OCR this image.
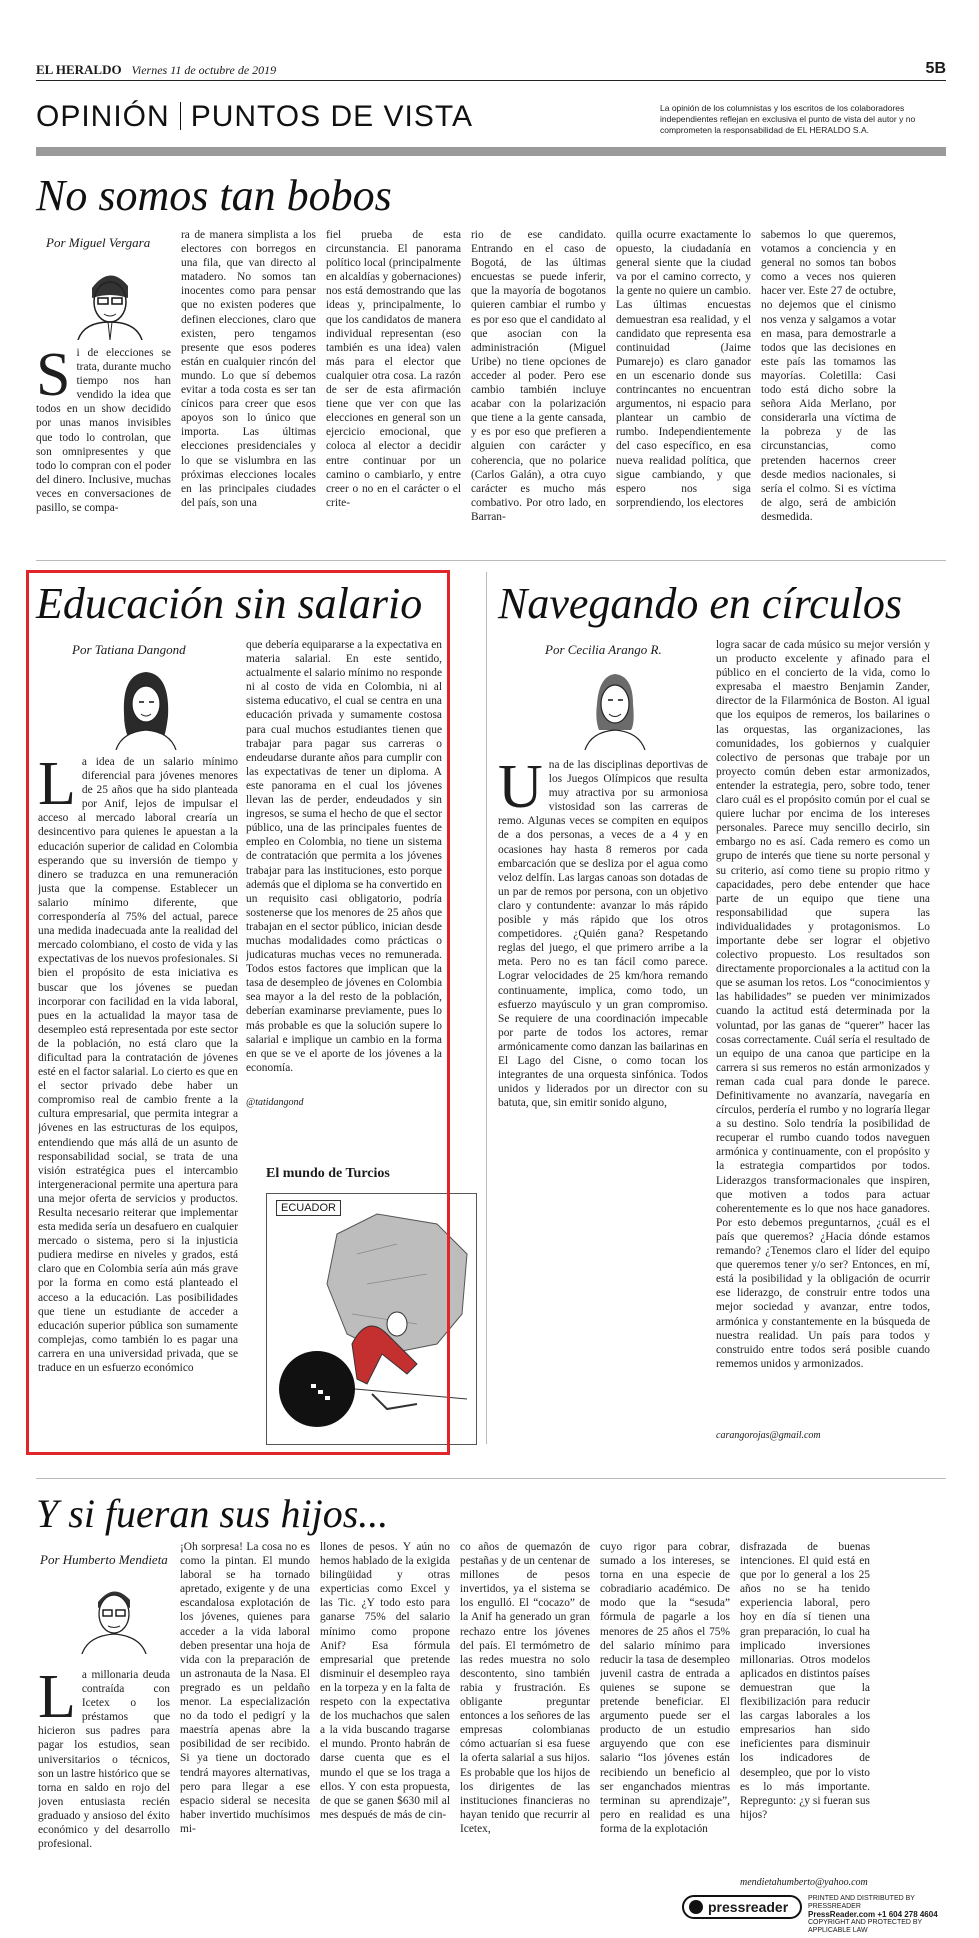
EL HERALDO Viernes 11 de octubre de 2019	5B
OPINIÓN PUNTOS DE VISTA	La opinión de los columnistas y los escritos de los colaboradores independientes reflejan en exclusiva el punto de vista del autor y no comprometen la responsabilidad de EL HERALDO S.A.
No somos tan bobos
Por Miguel Vergara
Si de elecciones se trata, durante mucho tiempo nos han vendido la idea que todos en un show decidido por unas manos invisibles que todo lo controlan, que son omnipresentes y que todo lo compran con el poder del dinero. Inclusive, muchas veces en conversaciones de pasillo, se compa-
ra de manera simplista a los electores con borregos en una fila, que van directo al matadero. No somos tan inocentes como para pensar que no existen poderes que definen elecciones, claro que existen, pero tengamos presente que esos poderes están en cualquier rincón del mundo. Lo que sí debemos evitar a toda costa es ser tan cínicos para creer que esos apoyos son lo único que importa. Las últimas elecciones presidenciales y lo que se vislumbra en las próximas elecciones locales en las principales ciudades del país, son una
fiel prueba de esta circunstancia. El panorama político local (principalmente en alcaldías y gobernaciones) nos está demostrando que las ideas y, principalmente, lo que los candidatos de manera individual representan (eso también es una idea) valen más para el elector que cualquier otra cosa. La razón de ser de esta afirmación tiene que ver con que las elecciones en general son un ejercicio emocional, que coloca al elector a decidir entre continuar por un camino o cambiarlo, y entre creer o no en el carácter o el crite-
rio de ese candidato. Entrando en el caso de Bogotá, de las últimas encuestas se puede inferir, que la mayoría de bogotanos quieren cambiar el rumbo y es por eso que el candidato al que asocian con la administración (Miguel Uribe) no tiene opciones de acceder al poder. Pero ese cambio también incluye acabar con la polarización que tiene a la gente cansada, y es por eso que prefieren a alguien con carácter y coherencia, que no polarice (Carlos Galán), a otra cuyo carácter es mucho más combativo. Por otro lado, en Barran-
quilla ocurre exactamente lo opuesto, la ciudadanía en general siente que la ciudad va por el camino correcto, y la gente no quiere un cambio. Las últimas encuestas demuestran esa realidad, y el candidato que representa esa continuidad (Jaime Pumarejo) es claro ganador en un escenario donde sus contrincantes no encuentran argumentos, ni espacio para plantear un cambio de rumbo. Independientemente del caso específico, en esa nueva realidad política, que sigue cambiando, y que espero nos siga sorprendiendo, los electores
sabemos lo que queremos, votamos a conciencia y en general no somos tan bobos como a veces nos quieren hacer ver. Este 27 de octubre, no dejemos que el cinismo nos venza y salgamos a votar en masa, para demostrarle a todos que las decisiones en este país las tomamos las mayorías. Coletilla: Casi todo está dicho sobre la señora Aida Merlano, por considerarla una víctima de la pobreza y de las circunstancias, como pretenden hacernos creer desde medios nacionales, si sería el colmo. Si es víctima de algo, será de ambición desmedida.
Educación sin salario
Por Tatiana Dangond
La idea de un salario mínimo diferencial para jóvenes menores de 25 años que ha sido planteada por Anif, lejos de impulsar el acceso al mercado laboral crearía un desincentivo para quienes le apuestan a la educación superior de calidad en Colombia esperando que su inversión de tiempo y dinero se traduzca en una remuneración justa que la compense. Establecer un salario mínimo diferente, que correspondería al 75% del actual, parece una medida inadecuada ante la realidad del mercado colombiano, el costo de vida y las expectativas de los nuevos profesionales. Si bien el propósito de esta iniciativa es buscar que los jóvenes se puedan incorporar con facilidad en la vida laboral, pues en la actualidad la mayor tasa de desempleo está representada por este sector de la población, no está claro que la dificultad para la contratación de jóvenes esté en el factor salarial. Lo cierto es que en el sector privado debe haber un compromiso real de cambio frente a la cultura empresarial, que permita integrar a jóvenes en las estructuras de los equipos, entendiendo que más allá de un asunto de responsabilidad social, se trata de una visión estratégica pues el intercambio intergeneracional permite una apertura para una mejor oferta de servicios y productos. Resulta necesario reiterar que implementar esta medida sería un desafuero en cualquier mercado o sistema, pero si la injusticia pudiera medirse en niveles y grados, está claro que en Colombia sería aún más grave por la forma en como está planteado el acceso a la educación. Las posibilidades que tiene un estudiante de acceder a educación superior pública son sumamente complejas, como también lo es pagar una carrera en una universidad privada, que se traduce en un esfuerzo económico
que debería equipararse a la expectativa en materia salarial. En este sentido, actualmente el salario mínimo no responde ni al costo de vida en Colombia, ni al sistema educativo, el cual se centra en una educación privada y sumamente costosa para cual muchos estudiantes tienen que trabajar para pagar sus carreras o endeudarse durante años para cumplir con las expectativas de tener un diploma. A este panorama en el cual los jóvenes llevan las de perder, endeudados y sin ingresos, se suma el hecho de que el sector público, una de las principales fuentes de empleo en Colombia, no tiene un sistema de contratación que permita a los jóvenes trabajar para las instituciones, esto porque además que el diploma se ha convertido en un requisito casi obligatorio, podría sostenerse que los menores de 25 años que trabajan en el sector público, inician desde muchas modalidades como prácticas o judicaturas muchas veces no remunerada. Todos estos factores que implican que la tasa de desempleo de jóvenes en Colombia sea mayor a la del resto de la población, deberían examinarse previamente, pues lo más probable es que la solución supere lo salarial e implique un cambio en la forma en que se ve el aporte de los jóvenes a la economía.
@tatidangond
El mundo de Turcios
ECUADOR
Navegando en círculos
Por Cecilia Arango R.
Una de las disciplinas deportivas de los Juegos Olímpicos que resulta muy atractiva por su armoniosa vistosidad son las carreras de remo. Algunas veces se compiten en equipos de a dos personas, a veces de a 4 y en ocasiones hay hasta 8 remeros por cada embarcación que se desliza por el agua como veloz delfín. Las largas canoas son dotadas de un par de remos por persona, con un objetivo claro y contundente: avanzar lo más rápido posible y más rápido que los otros competidores. ¿Quién gana? Respetando reglas del juego, el que primero arribe a la meta. Pero no es tan fácil como parece. Lograr velocidades de 25 km/hora remando continuamente, implica, como todo, un esfuerzo mayúsculo y un gran compromiso. Se requiere de una coordinación impecable por parte de todos los actores, remar armónicamente como danzan las bailarinas en El Lago del Cisne, o como tocan los integrantes de una orquesta sinfónica. Todos unidos y liderados por un director con su batuta, que, sin emitir sonido alguno,
logra sacar de cada músico su mejor versión y un producto excelente y afinado para el público en el concierto de la vida, como lo expresaba el maestro Benjamin Zander, director de la Filarmónica de Boston. Al igual que los equipos de remeros, los bailarines o las orquestas, las organizaciones, las comunidades, los gobiernos y cualquier colectivo de personas que trabaje por un proyecto común deben estar armonizados, entender la estrategia, pero, sobre todo, tener claro cuál es el propósito común por el cual se quiere luchar por encima de los intereses personales. Parece muy sencillo decirlo, sin embargo no es así. Cada remero es como un grupo de interés que tiene su norte personal y su criterio, así como tiene su propio ritmo y capacidades, pero debe entender que hace parte de un equipo que tiene una responsabilidad que supera las individualidades y protagonismos. Lo importante debe ser lograr el objetivo colectivo propuesto. Los resultados son directamente proporcionales a la actitud con la que se asuman los retos. Los “conocimientos y las habilidades” se pueden ver minimizados cuando la actitud está determinada por la voluntad, por las ganas de “querer” hacer las cosas correctamente. Cuál sería el resultado de un equipo de una canoa que participe en la carrera si sus remeros no están armonizados y reman cada cual para donde le parece. Definitivamente no avanzaría, navegaría en círculos, perdería el rumbo y no lograría llegar a su destino. Solo tendría la posibilidad de recuperar el rumbo cuando todos naveguen armónica y continuamente, con el propósito y la estrategia compartidos por todos. Liderazgos transformacionales que inspiren, que motiven a todos para actuar coherentemente es lo que nos hace ganadores. Por esto debemos preguntarnos, ¿cuál es el país que queremos? ¿Hacia dónde estamos remando? ¿Tenemos claro el líder del equipo que queremos tener y/o ser? Entonces, en mí, está la posibilidad y la obligación de ocurrir ese liderazgo, de construir entre todos una mejor sociedad y avanzar, entre todos, armónica y constantemente en la búsqueda de nuestra realidad. Un país para todos y construido entre todos será posible cuando rememos unidos y armonizados.
carangorojas@gmail.com
Y si fueran sus hijos...
Por Humberto Mendieta
La millonaria deuda contraída con Icetex o los préstamos que hicieron sus padres para pagar los estudios, sean universitarios o técnicos, son un lastre histórico que se torna en saldo en rojo del joven entusiasta recién graduado y ansioso del éxito económico y del desarrollo profesional.
¡Oh sorpresa! La cosa no es como la pintan. El mundo laboral se ha tornado apretado, exigente y de una escandalosa explotación de los jóvenes, quienes para acceder a la vida laboral deben presentar una hoja de vida con la preparación de un astronauta de la Nasa. El pregrado es un peldaño menor. La especialización no da todo el pedigrí y la maestría apenas abre la posibilidad de ser recibido. Si ya tiene un doctorado tendrá mayores alternativas, pero para llegar a ese espacio sideral se necesita haber invertido muchísimos mi-
llones de pesos. Y aún no hemos hablado de la exigida bilingüidad y otras experticias como Excel y las Tic. ¿Y todo esto para ganarse 75% del salario mínimo como propone Anif? Esa fórmula empresarial que pretende disminuir el desempleo raya en la torpeza y en la falta de respeto con la expectativa de los muchachos que salen a la vida buscando tragarse el mundo. Pronto habrán de darse cuenta que es el mundo el que se los traga a ellos. Y con esta propuesta, de que se ganen $630 mil al mes después de más de cin-
co años de quemazón de pestañas y de un centenar de millones de pesos invertidos, ya el sistema se los engulló. El “cocazo” de la Anif ha generado un gran rechazo entre los jóvenes del país. El termómetro de las redes muestra no solo descontento, sino también rabia y frustración. Es obligante preguntar entonces a los señores de las empresas colombianas cómo actuarían si esa fuese la oferta salarial a sus hijos. Es probable que los hijos de los dirigentes de las instituciones financieras no hayan tenido que recurrir al Icetex,
cuyo rigor para cobrar, sumado a los intereses, se torna en una especie de cobradiario académico. De modo que la “sesuda” fórmula de pagarle a los menores de 25 años el 75% del salario mínimo para reducir la tasa de desempleo juvenil castra de entrada a quienes se supone se pretende beneficiar. El argumento puede ser el producto de un estudio arguyendo que con ese salario “los jóvenes están recibiendo un beneficio al ser enganchados mientras terminan su aprendizaje”, pero en realidad es una forma de la explotación
disfrazada de buenas intenciones. El quid está en que por lo general a los 25 años no se ha tenido experiencia laboral, pero hoy en día sí tienen una gran preparación, lo cual ha implicado inversiones millonarias. Otros modelos aplicados en distintos países demuestran que la flexibilización para reducir las cargas laborales a los empresarios han sido ineficientes para disminuir los indicadores de desempleo, que por lo visto es lo más importante. Repregunto: ¿y si fueran sus hijos?
mendietahumberto@yahoo.com
pressreader
PRINTED AND DISTRIBUTED BY PRESSREADER
PressReader.com +1 604 278 4604
COPYRIGHT AND PROTECTED BY APPLICABLE LAW
